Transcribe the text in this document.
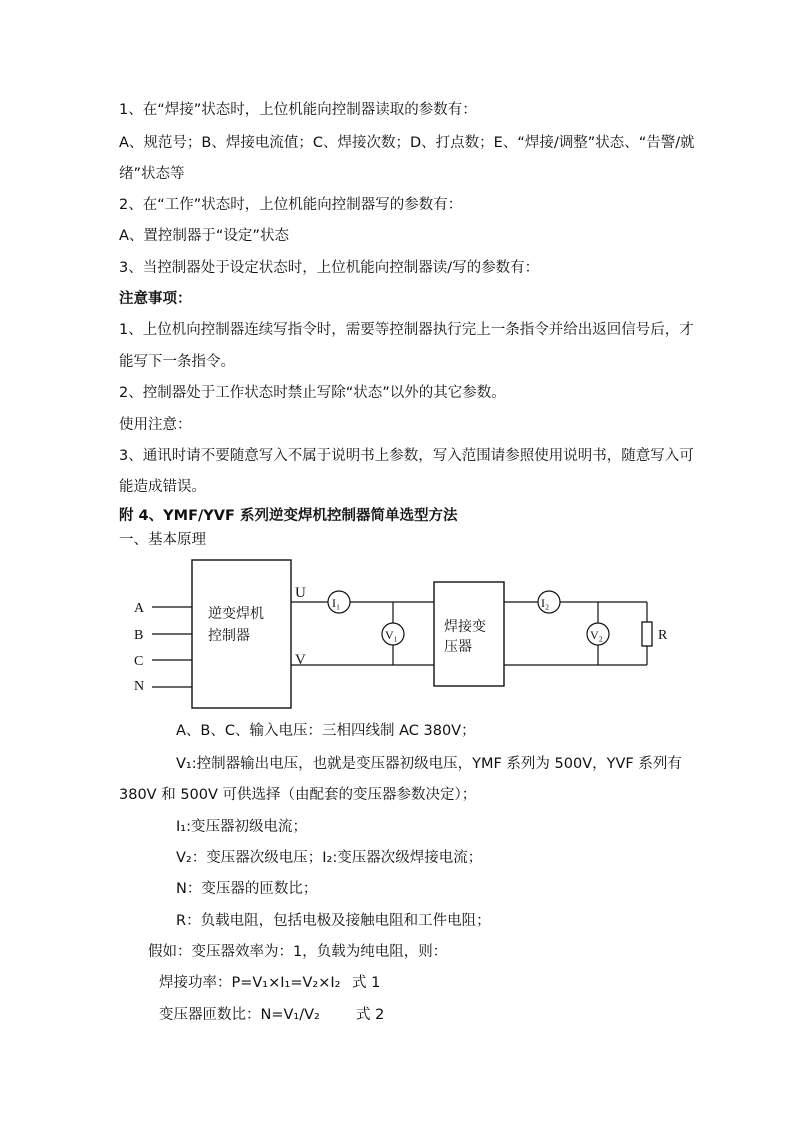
1、在“焊接”状态时，上位机能向控制器读取的参数有：
A、规范号；B、焊接电流值；C、焊接次数；D、打点数；E、“焊接/调整”状态、“告警/就
绪”状态等
2、在“工作”状态时，上位机能向控制器写的参数有：
A、置控制器于“设定”状态
3、当控制器处于设定状态时，上位机能向控制器读/写的参数有：
注意事项：
1、上位机向控制器连续写指令时，需要等控制器执行完上一条指令并给出返回信号后，才
能写下一条指令。
2、控制器处于工作状态时禁止写除“状态”以外的其它参数。
使用注意：
3、通讯时请不要随意写入不属于说明书上参数，写入范围请参照使用说明书，随意写入可
能造成错误。
附 4、YMF/YVF 系列逆变焊机控制器简单选型方法
一、基本原理
A
B
C
N
逆变焊机
控制器
U
V
I₁
V₁	焊接变
压器
I₂
V₂	R
A、B、C、输入电压：三相四线制 AC 380V；
V₁:控制器输出电压，也就是变压器初级电压，YMF 系列为 500V，YVF 系列有
380V 和 500V 可供选择（由配套的变压器参数决定）；
I₁:变压器初级电流；
V₂：变压器次级电压；I₂:变压器次级焊接电流；
N：变压器的匝数比；
R：负载电阻，包括电极及接触电阻和工件电阻；
假如：变压器效率为：1，负载为纯电阻，则：
焊接功率：P=V₁×I₁=V₂×I₂ 式 1
变压器匝数比：N=V₁/V₂ 式 2
